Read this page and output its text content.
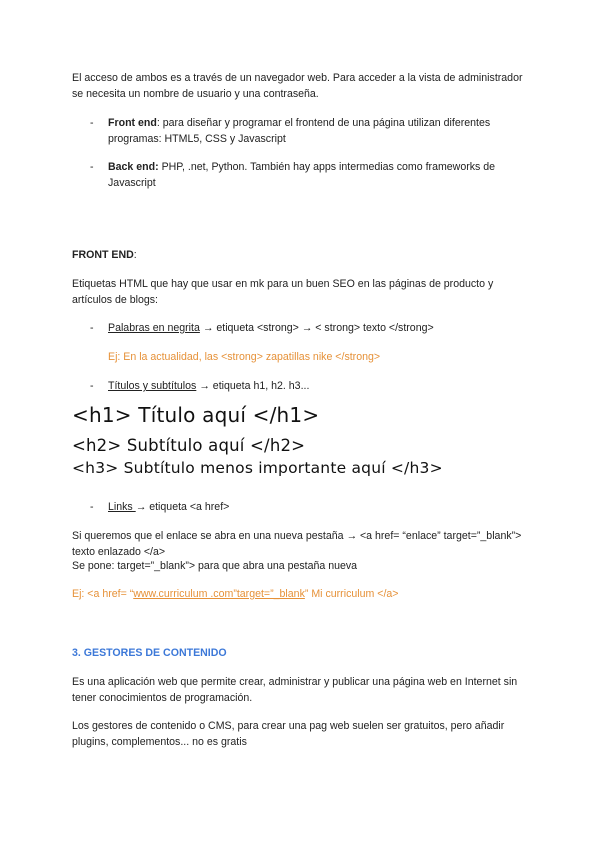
El acceso de ambos es a través de un navegador web. Para acceder a la vista de administrador se necesita un nombre de usuario y una contraseña.

- Front end: para diseñar y programar el frontend de una página utilizan diferentes programas: HTML5, CSS y Javascript

- Back end: PHP, .net, Python. También hay apps intermedias como frameworks de Javascript

FRONT END:

Etiquetas HTML que hay que usar en mk para un buen SEO en las páginas de producto y artículos de blogs:

- Palabras en negrita → etiqueta <strong> → < strong> texto </strong>

Ej: En la actualidad, las <strong> zapatillas nike </strong>

- Títulos y subtítulos → etiqueta h1, h2. h3...

<h1> Título aquí </h1>
<h2> Subtítulo aquí </h2>
<h3> Subtítulo menos importante aquí </h3>
- Links → etiqueta <a href>

Si queremos que el enlace se abra en una nueva pestaña → <a href= “enlace” target=”_blank”> texto enlazado </a>

Se pone: target=”_blank”> para que abra una pestaña nueva

Ej: <a href= “www.curriculum .com”target=”_blank” Mi curriculum </a>

3. GESTORES DE CONTENIDO

Es una aplicación web que permite crear, administrar y publicar una página web en Internet sin tener conocimientos de programación.

Los gestores de contenido o CMS, para crear una pag web suelen ser gratuitos, pero añadir plugins, complementos... no es gratis
